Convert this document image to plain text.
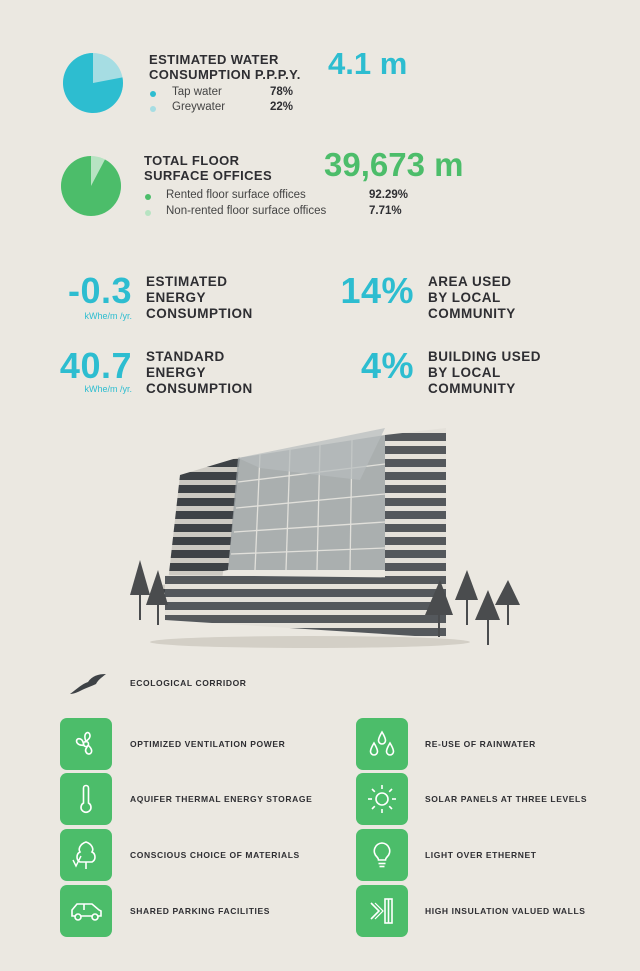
ESTIMATED WATER
CONSUMPTION P.P.P.Y. 4.1 m
Tap water	78%
Greywater	22%
TOTAL FLOOR
SURFACE OFFICES 39,673 m
Rented floor surface offices	92.29%
Non-rented floor surface offices	7.71%
-0.3
kWhe/m /yr.
ESTIMATED
ENERGY
CONSUMPTION
40.7
kWhe/m /yr.
STANDARD
ENERGY
CONSUMPTION
14% AREA USED
BY LOCAL
COMMUNITY
4% BUILDING USED
BY LOCAL
COMMUNITY
ECOLOGICAL CORRIDOR
OPTIMIZED VENTILATION POWER
AQUIFER THERMAL ENERGY STORAGE
CONSCIOUS CHOICE OF MATERIALS
SHARED PARKING FACILITIES
RE-USE OF RAINWATER
SOLAR PANELS AT THREE LEVELS
LIGHT OVER ETHERNET
HIGH INSULATION VALUED WALLS
